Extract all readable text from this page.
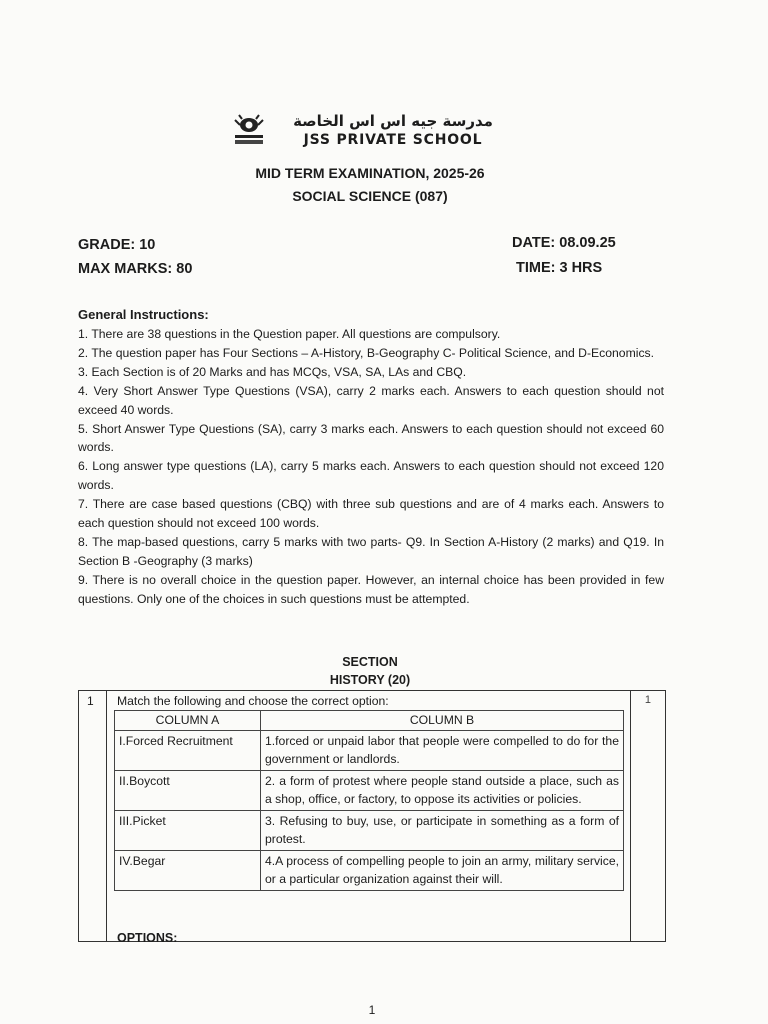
مدرسة جيه اس اس الخاصة
JSS PRIVATE SCHOOL
MID TERM EXAMINATION, 2025-26
SOCIAL SCIENCE (087)
GRADE: 10
MAX MARKS: 80
DATE: 08.09.25
TIME: 3 HRS
General Instructions:

1. There are 38 questions in the Question paper. All questions are compulsory.

2. The question paper has Four Sections – A-History, B-Geography C- Political Science, and D-Economics.

3. Each Section is of 20 Marks and has MCQs, VSA, SA, LAs and CBQ.

4. Very Short Answer Type Questions (VSA), carry 2 marks each. Answers to each question should not exceed 40 words.

5. Short Answer Type Questions (SA), carry 3 marks each. Answers to each question should not exceed 60 words.

6. Long answer type questions (LA), carry 5 marks each. Answers to each question should not exceed 120 words.

7. There are case based questions (CBQ) with three sub questions and are of 4 marks each. Answers to each question should not exceed 100 words.

8. The map-based questions, carry 5 marks with two parts- Q9. In Section A-History (2 marks) and Q19. In Section B -Geography (3 marks)

9. There is no overall choice in the question paper. However, an internal choice has been provided in few questions. Only one of the choices in such questions must be attempted.

SECTION
HISTORY (20)
1 Match the following and choose the correct option:	1
OPTIONS:
COLUMN A	COLUMN B
I.Forced Recruitment	1.forced or unpaid labor that people were compelled to do for the government or landlords.
II.Boycott	2. a form of protest where people stand outside a place, such as a shop, office, or factory, to oppose its activities or policies.
III.Picket	3. Refusing to buy, use, or participate in something as a form of protest.
IV.Begar	4.A process of compelling people to join an army, military service, or a particular organization against their will.
1
